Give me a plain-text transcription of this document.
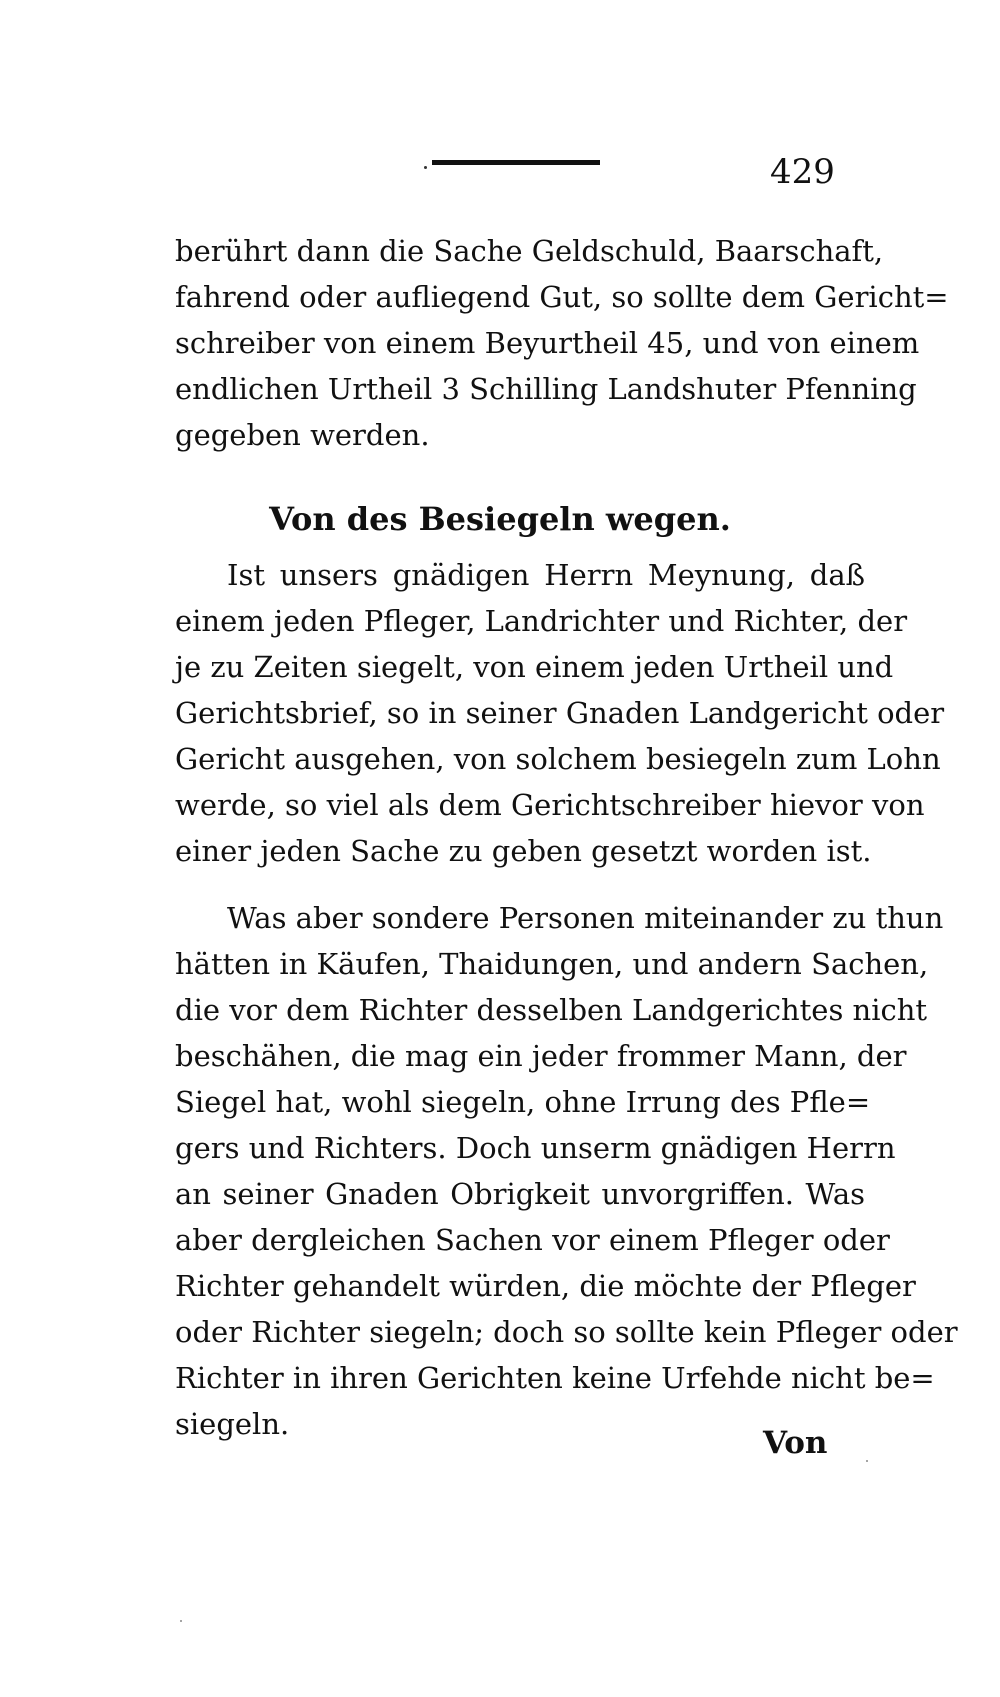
429
berührt dann die Sache Geldschuld, Baarschaft,
fahrend oder aufliegend Gut, so sollte dem Gericht=
schreiber von einem Beyurtheil 45, und von einem
endlichen Urtheil 3 Schilling Landshuter Pfenning
gegeben werden.
Von des Besiegeln wegen.
Ist unsers gnädigen Herrn Meynung, daß
einem jeden Pfleger, Landrichter und Richter, der
je zu Zeiten siegelt, von einem jeden Urtheil und
Gerichtsbrief, so in seiner Gnaden Landgericht oder
Gericht ausgehen, von solchem besiegeln zum Lohn
werde, so viel als dem Gerichtschreiber hievor von
einer jeden Sache zu geben gesetzt worden ist.
Was aber sondere Personen miteinander zu thun
hätten in Käufen, Thaidungen, und andern Sachen,
die vor dem Richter desselben Landgerichtes nicht
beschähen, die mag ein jeder frommer Mann, der
Siegel hat, wohl siegeln, ohne Irrung des Pfle=
gers und Richters. Doch unserm gnädigen Herrn
an seiner Gnaden Obrigkeit unvorgriffen. Was
aber dergleichen Sachen vor einem Pfleger oder
Richter gehandelt würden, die möchte der Pfleger
oder Richter siegeln; doch so sollte kein Pfleger oder
Richter in ihren Gerichten keine Urfehde nicht be=
siegeln.
Von
